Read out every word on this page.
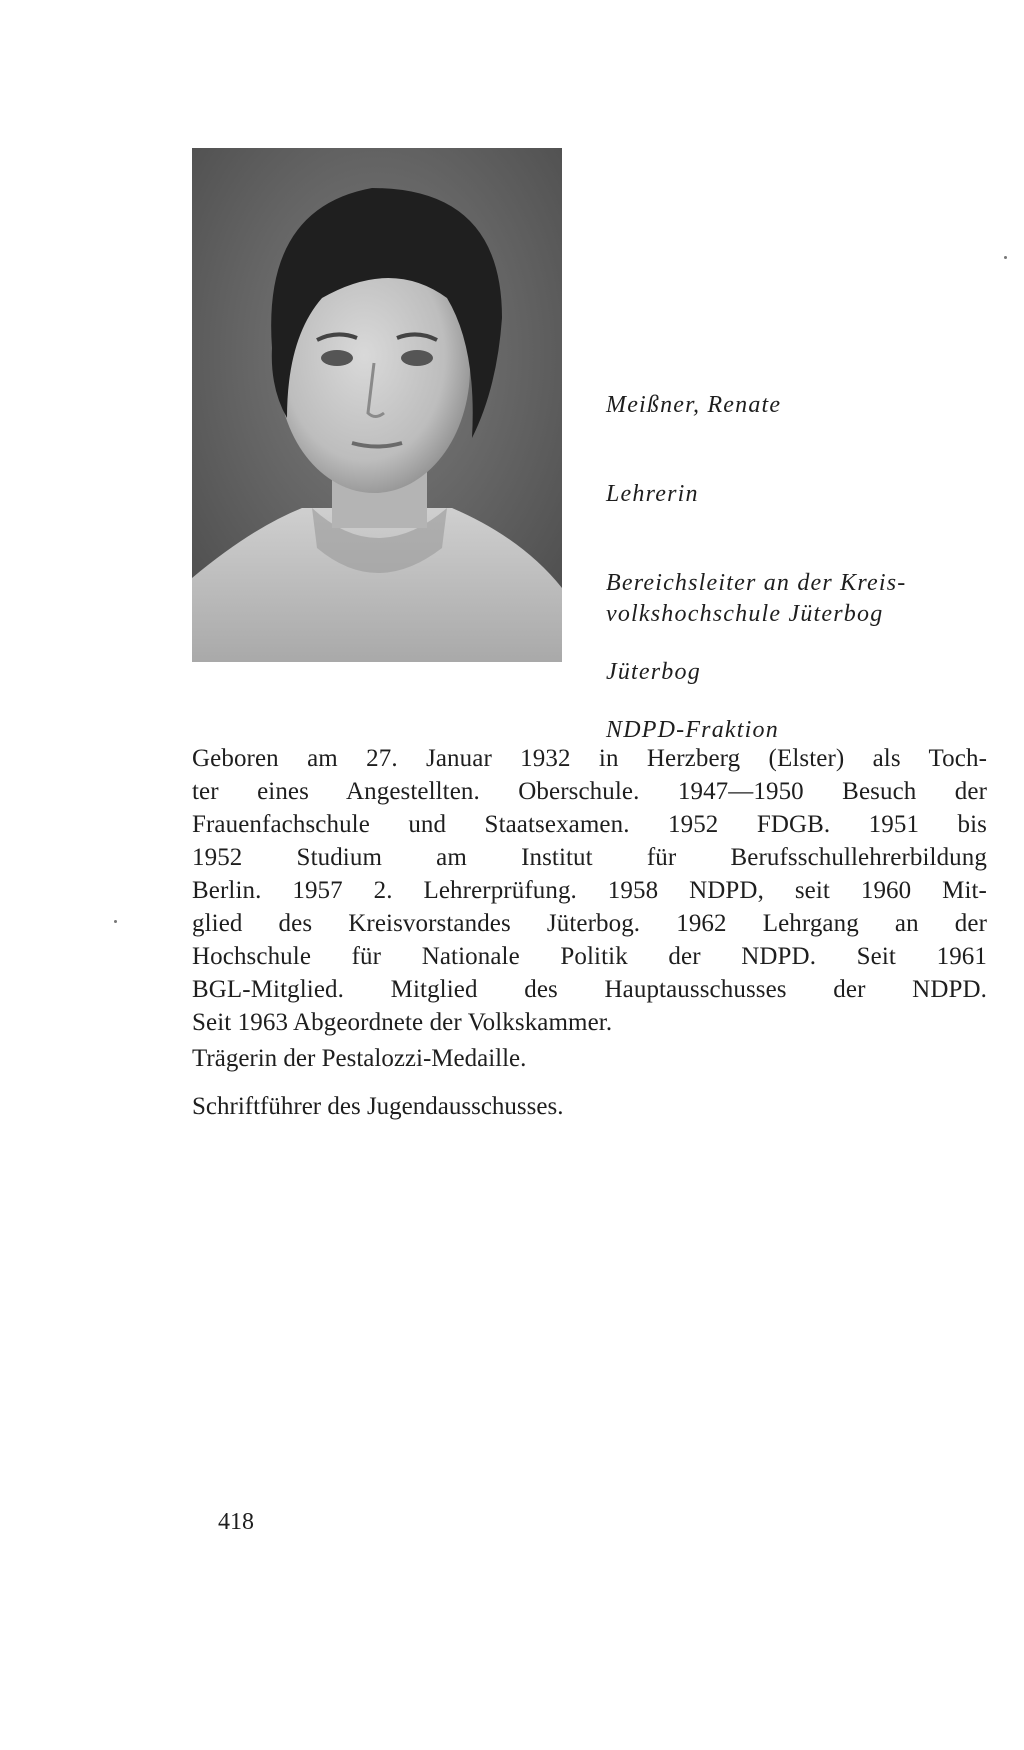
Meißner, Renate
Lehrerin
Bereichsleiter an der Kreis-
volkshochschule Jüterbog
Jüterbog
NDPD-Fraktion
Geboren am 27. Januar 1932 in Herzberg (Elster) als Toch-
ter eines Angestellten. Oberschule. 1947—1950 Besuch der
Frauenfachschule und Staatsexamen. 1952 FDGB. 1951 bis
1952 Studium am Institut für Berufsschullehrerbildung
Berlin. 1957 2. Lehrerprüfung. 1958 NDPD, seit 1960 Mit-
glied des Kreisvorstandes Jüterbog. 1962 Lehrgang an der
Hochschule für Nationale Politik der NDPD. Seit 1961
BGL-Mitglied. Mitglied des Hauptausschusses der NDPD.
Seit 1963 Abgeordnete der Volkskammer.
Trägerin der Pestalozzi-Medaille.
Schriftführer des Jugendausschusses.
418
